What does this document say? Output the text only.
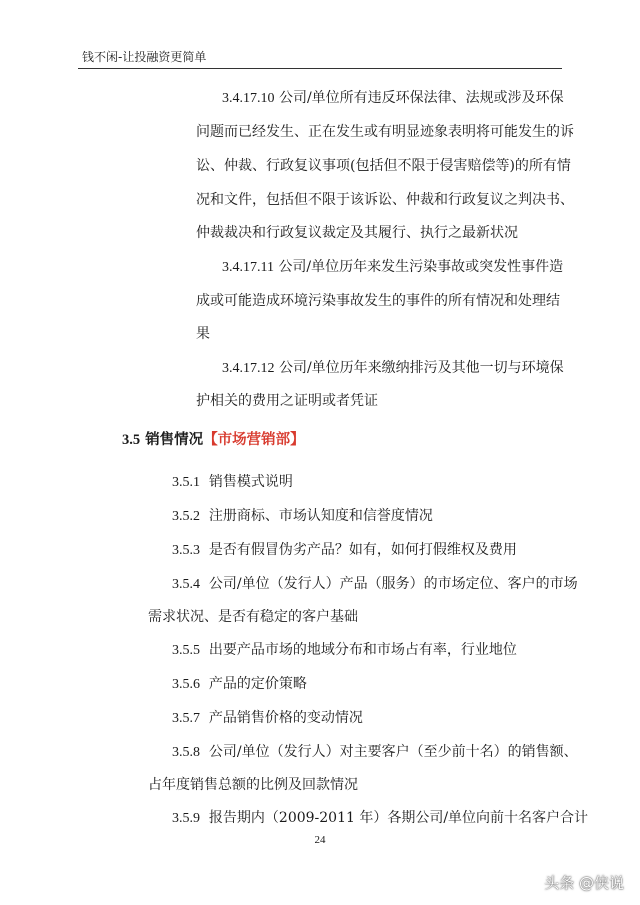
钱不闲-让投融资更简单
3.4.17.10 公司/单位所有违反环保法律、法规或涉及环保
问题而已经发生、正在发生或有明显迹象表明将可能发生的诉
讼、仲裁、行政复议事项(包括但不限于侵害赔偿等)的所有情
况和文件，包括但不限于该诉讼、仲裁和行政复议之判决书、
仲裁裁决和行政复议裁定及其履行、执行之最新状况
3.4.17.11 公司/单位历年来发生污染事故或突发性事件造
成或可能造成环境污染事故发生的事件的所有情况和处理结
果
3.4.17.12 公司/单位历年来缴纳排污及其他一切与环境保
护相关的费用之证明或者凭证
3.5 销售情况【市场营销部】
3.5.1 销售模式说明
3.5.2 注册商标、市场认知度和信誉度情况
3.5.3 是否有假冒伪劣产品？如有，如何打假维权及费用
3.5.4 公司/单位（发行人）产品（服务）的市场定位、客户的市场
需求状况、是否有稳定的客户基础
3.5.5 出要产品市场的地域分布和市场占有率，行业地位
3.5.6 产品的定价策略
3.5.7 产品销售价格的变动情况
3.5.8 公司/单位（发行人）对主要客户（至少前十名）的销售额、
占年度销售总额的比例及回款情况
3.5.9 报告期内（2009-2011 年）各期公司/单位向前十名客户合计
24
头条 @侠说
